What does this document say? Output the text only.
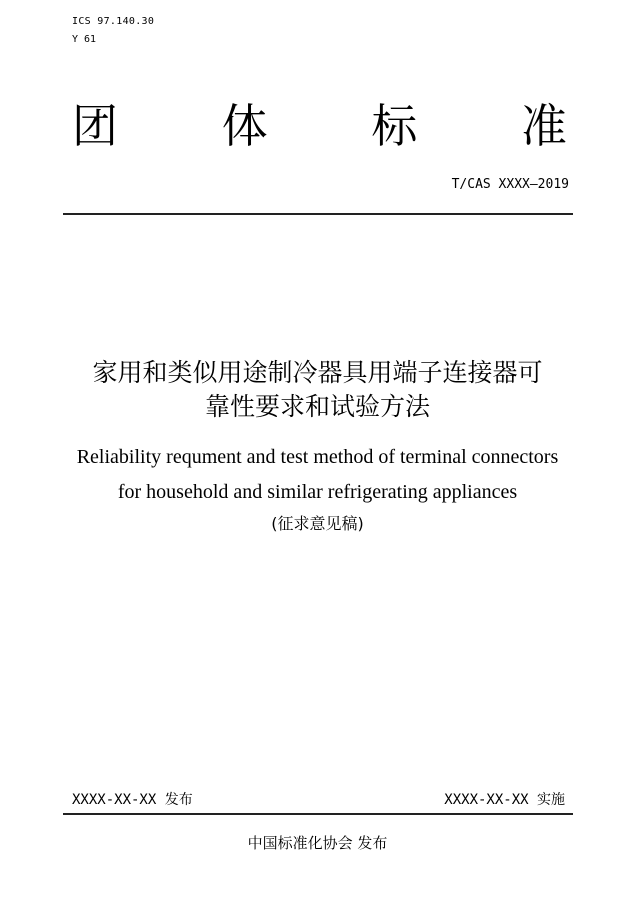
ICS 97.140.30
Y 61
团 体 标 准
T/CAS XXXX—2019
家用和类似用途制冷器具用端子连接器可
靠性要求和试验方法
Reliability requment and test method of terminal connectors
for household and similar refrigerating appliances
(征求意见稿)
XXXX-XX-XX 发布	XXXX-XX-XX 实施
中国标准化协会 发布
